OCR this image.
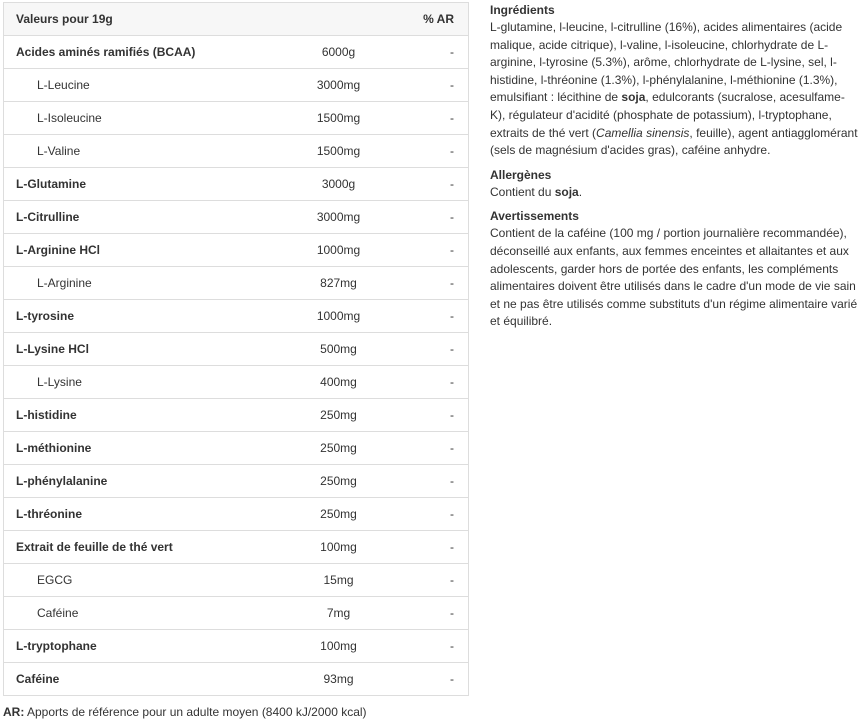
Valeurs pour 19g		% AR
Acides aminés ramifiés (BCAA)	6000g	-
L-Leucine	3000mg	-
L-Isoleucine	1500mg	-
L-Valine	1500mg	-
L-Glutamine	3000g	-
L-Citrulline	3000mg	-
L-Arginine HCl	1000mg	-
L-Arginine	827mg	-
L-tyrosine	1000mg	-
L-Lysine HCl	500mg	-
L-Lysine	400mg	-
L-histidine	250mg	-
L-méthionine	250mg	-
L-phénylalanine	250mg	-
L-thréonine	250mg	-
Extrait de feuille de thé vert	100mg	-
EGCG	15mg	-
Caféine	7mg	-
L-tryptophane	100mg	-
Caféine	93mg	-
AR: Apports de référence pour un adulte moyen (8400 kJ/2000 kcal)
Ingrédients

L-glutamine, l-leucine, l-citrulline (16%), acides alimentaires (acide malique, acide citrique), l-valine, l-isoleucine, chlorhydrate de L-arginine, l-tyrosine (5.3%), arôme, chlorhydrate de L-lysine, sel, l-histidine, l-thréonine (1.3%), l-phénylalanine, l-méthionine (1.3%), emulsifiant : lécithine de soja, edulcorants (sucralose, acesulfame-K), régulateur d'acidité (phosphate de potassium), l-tryptophane, extraits de thé vert (Camellia sinensis, feuille), agent antiagglomérant (sels de magnésium d'acides gras), caféine anhydre.

Allergènes

Contient du soja.

Avertissements

Contient de la caféine (100 mg / portion journalière recommandée), déconseillé aux enfants, aux femmes enceintes et allaitantes et aux adolescents, garder hors de portée des enfants, les compléments alimentaires doivent être utilisés dans le cadre d'un mode de vie sain et ne pas être utilisés comme substituts d'un régime alimentaire varié et équilibré.
